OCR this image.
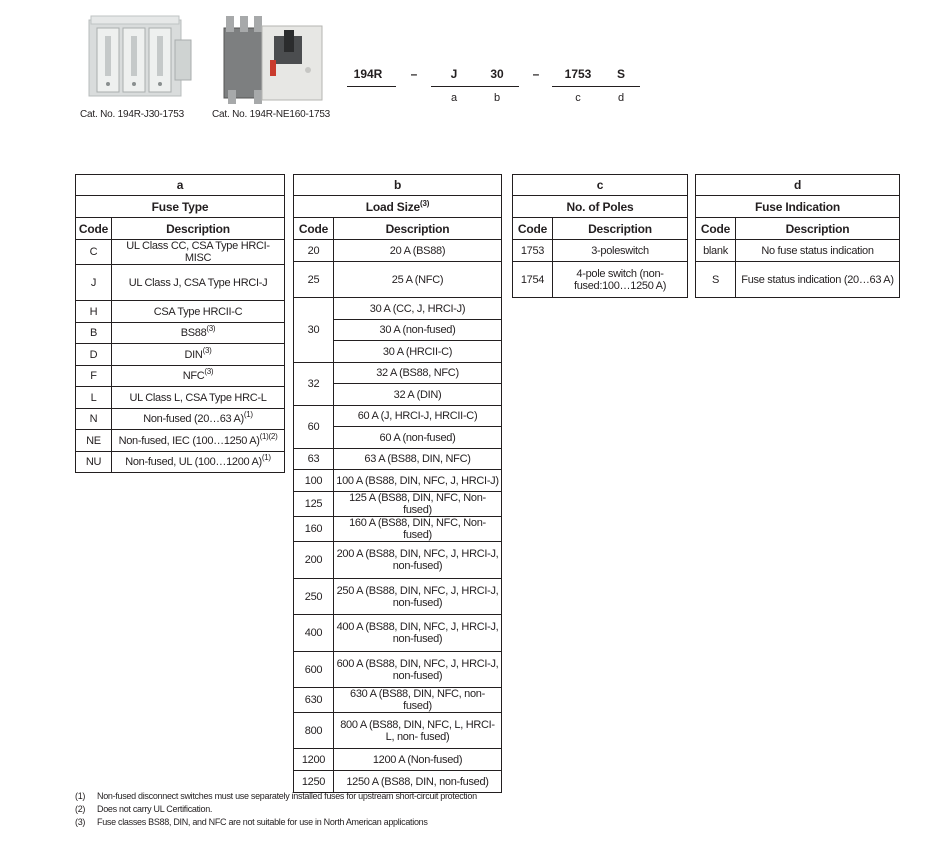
Cat. No. 194R-J30-1753	Cat. No. 194R-NE160-1753
194R	–	J	30	– 1753 S
a	b	c	d
a	
Fuse Type	
Code	Description
C	UL Class CC, CSA Type HRCI-MISC
J	UL Class J, CSA Type HRCI-J
H	CSA Type HRCII-C
B	BS88$^{(3)}$
D	DIN$^{(3)}$
F	NFC$^{(3)}$
L	UL Class L, CSA Type HRC-L
N	Non-fused (20…63 A)$^{(1)}$
NE	Non-fused, IEC (100…1250 A)$^{(1)(2)}$
NU	Non-fused, UL (100…1200 A)$^{(1)}$
b	
Load Size$^{(3)}$
Code	Description
20	20 A (BS88)
25	25 A (NFC)
30	30 A (CC, J, HRCI-J)
	30 A (non-fused)
	30 A (HRCII-C)
32	32 A (BS88, NFC)
	32 A (DIN)
60	60 A (J, HRCI-J, HRCII-C)
	60 A (non-fused)
63	63 A (BS88, DIN, NFC)
100	100 A (BS88, DIN, NFC, J, HRCI-J)
125	125 A (BS88, DIN, NFC, Non-fused)
160	160 A (BS88, DIN, NFC, Non-fused)
200	200 A (BS88, DIN, NFC, J, HRCI-J, non-fused)
250	250 A (BS88, DIN, NFC, J, HRCI-J, non-fused)
400	400 A (BS88, DIN, NFC, J, HRCI-J, non-fused)
600	600 A (BS88, DIN, NFC, J, HRCI-J, non-fused)
630	630 A (BS88, DIN, NFC, non-fused)
800	800 A (BS88, DIN, NFC, L, HRCI-L, non- fused)
1200	1200 A (Non-fused)
1250	1250 A (BS88, DIN, non-fused)
c	
No. of Poles	
Code	Description
1753	3-poleswitch
1754	4-pole switch (non-fused:100…1250 A)
d	
Fuse Indication	
Code	Description
blank	No fuse status indication
S	Fuse status indication (20…63 A)
(1) Non-fused disconnect switches must use separately installed fuses for upstream short-circuit protection
(2) Does not carry UL Certification.
(3) Fuse classes BS88, DIN, and NFC are not suitable for use in North American applications
